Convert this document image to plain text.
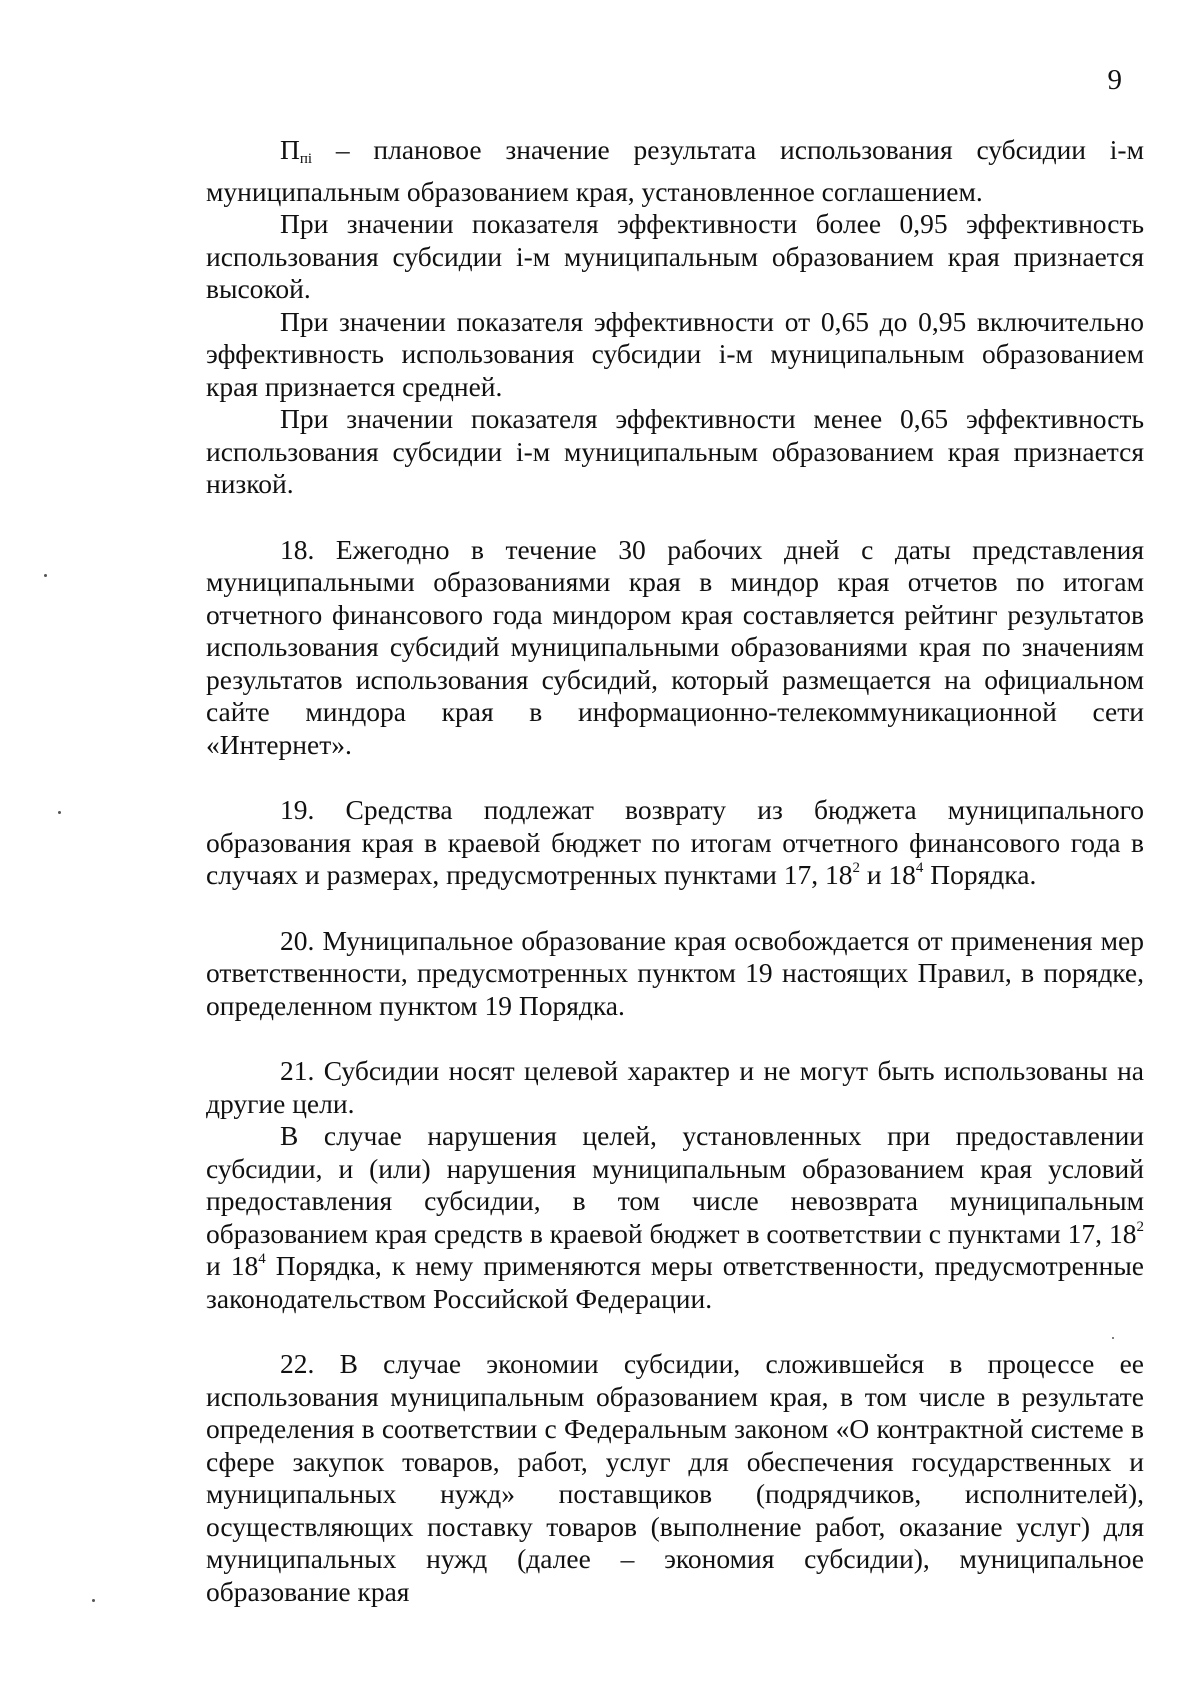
9

$П_{пi}$ – плановое значение результата использования субсидии i-м муниципальным образованием края, установленное соглашением.

При значении показателя эффективности более 0,95 эффективность использования субсидии i-м муниципальным образованием края признается высокой.

При значении показателя эффективности от 0,65 до 0,95 включительно эффективность использования субсидии i-м муниципальным образованием края признается средней.

При значении показателя эффективности менее 0,65 эффективность использования субсидии i-м муниципальным образованием края признается низкой.

18. Ежегодно в течение 30 рабочих дней с даты представления муниципальными образованиями края в миндор края отчетов по итогам отчетного финансового года миндором края составляется рейтинг результатов использования субсидий муниципальными образованиями края по значениям результатов использования субсидий, который размещается на официальном сайте миндора края в информационно-телекоммуникационной сети «Интернет».

19. Средства подлежат возврату из бюджета муниципального образования края в краевой бюджет по итогам отчетного финансового года в случаях и размерах, предусмотренных пунктами 17, $18^2$ и $18^4$ Порядка.

20. Муниципальное образование края освобождается от применения мер ответственности, предусмотренных пунктом 19 настоящих Правил, в порядке, определенном пунктом 19 Порядка.

21. Субсидии носят целевой характер и не могут быть использованы на другие цели.

В случае нарушения целей, установленных при предоставлении субсидии, и (или) нарушения муниципальным образованием края условий предоставления субсидии, в том числе невозврата муниципальным образованием края средств в краевой бюджет в соответствии с пунктами 17, $18^2$ и $18^4$ Порядка, к нему применяются меры ответственности, предусмотренные законодательством Российской Федерации.

22. В случае экономии субсидии, сложившейся в процессе ее использования муниципальным образованием края, в том числе в результате определения в соответствии с Федеральным законом «О контрактной системе в сфере закупок товаров, работ, услуг для обеспечения государственных и муниципальных нужд» поставщиков (подрядчиков, исполнителей), осуществляющих поставку товаров (выполнение работ, оказание услуг) для муниципальных нужд (далее – экономия субсидии), муниципальное образование края
